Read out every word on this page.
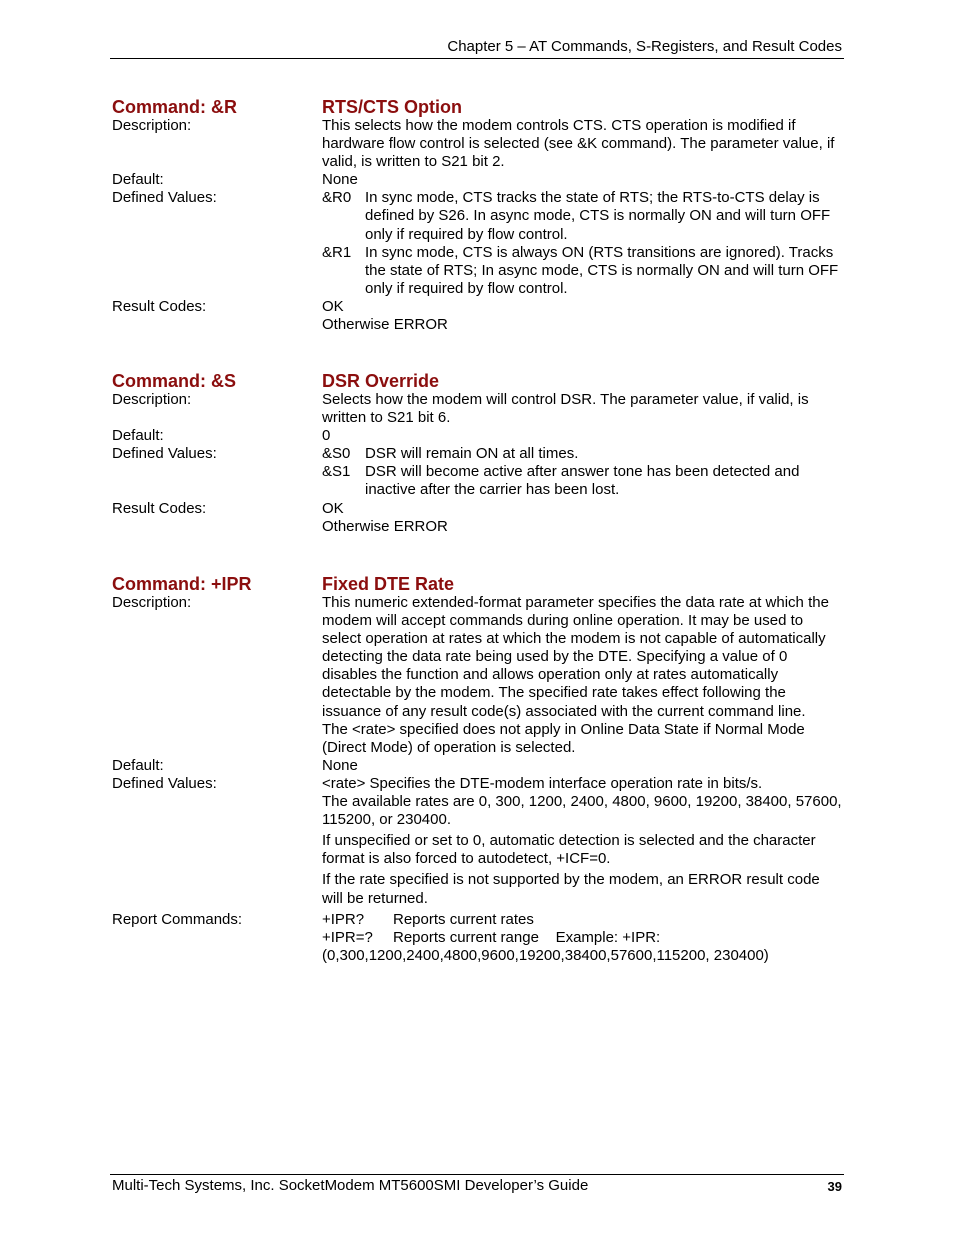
Chapter 5 – AT Commands, S-Registers, and Result Codes
Command: &R	RTS/CTS Option
Description:	This selects how the modem controls CTS. CTS operation is modified if hardware flow control is selected (see &K command). The parameter value, if valid, is written to S21 bit 2.
Default:	None
Defined Values:	&R0 In sync mode, CTS tracks the state of RTS; the RTS-to-CTS delay is defined by S26. In async mode, CTS is normally ON and will turn OFF only if required by flow control.
&R1 In sync mode, CTS is always ON (RTS transitions are ignored). Tracks the state of RTS; In async mode, CTS is normally ON and will turn OFF only if required by flow control.
Result Codes:	OK
Otherwise ERROR
Command: &S	DSR Override
Description:	Selects how the modem will control DSR. The parameter value, if valid, is written to S21 bit 6.
Default:	0
Defined Values:	&S0 DSR will remain ON at all times.
&S1 DSR will become active after answer tone has been detected and inactive after the carrier has been lost.
Result Codes:	OK
Otherwise ERROR
Command: +IPR	Fixed DTE Rate
Description:	This numeric extended-format parameter specifies the data rate at which the modem will accept commands during online operation. It may be used to select operation at rates at which the modem is not capable of automatically detecting the data rate being used by the DTE. Specifying a value of 0 disables the function and allows operation only at rates automatically detectable by the modem. The specified rate takes effect following the issuance of any result code(s) associated with the current command line.
The <rate> specified does not apply in Online Data State if Normal Mode (Direct Mode) of operation is selected.
Default:	None
Defined Values:	<rate> Specifies the DTE-modem interface operation rate in bits/s.
The available rates are 0, 300, 1200, 2400, 4800, 9600, 19200, 38400, 57600, 115200, or 230400.
If unspecified or set to 0, automatic detection is selected and the character format is also forced to autodetect, +ICF=0.
If the rate specified is not supported by the modem, an ERROR result code will be returned.
Report Commands:	+IPR?	Reports current rates
+IPR=?	Reports current range    Example: +IPR:
(0,300,1200,2400,4800,9600,19200,38400,57600,115200, 230400)
Multi-Tech Systems, Inc. SocketModem MT5600SMI Developer’s Guide	39
